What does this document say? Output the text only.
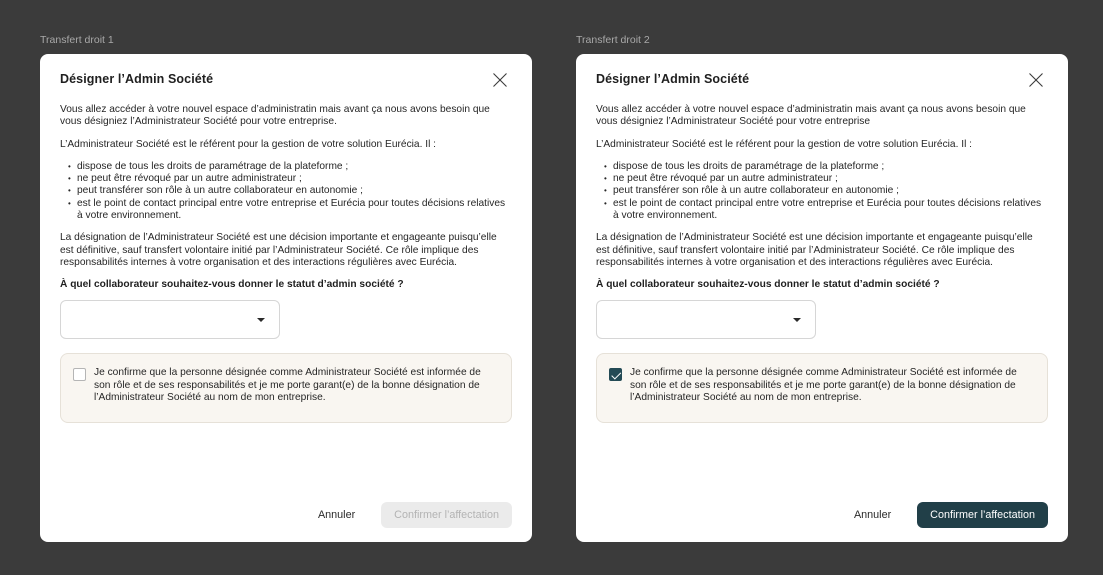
Transfert droit 1
Désigner l’Admin Société

Vous allez accéder à votre nouvel espace d’administratin mais avant ça nous avons besoin que vous désigniez l’Administrateur Société pour votre entreprise.

L’Administrateur Société est le référent pour la gestion de votre solution Eurécia. Il :

• dispose de tous les droits de paramétrage de la plateforme ;
• ne peut être révoqué par un autre administrateur ;
• peut transférer son rôle à un autre collaborateur en autonomie ;
• est le point de contact principal entre votre entreprise et Eurécia pour toutes décisions relatives à votre environnement.

La désignation de l’Administrateur Société est une décision importante et engageante puisqu’elle est définitive, sauf transfert volontaire initié par l’Administrateur Société. Ce rôle implique des responsabilités internes à votre organisation et des interactions régulières avec Eurécia.

À quel collaborateur souhaitez-vous donner le statut d’admin société ?
Je confirme que la personne désignée comme Administrateur Société est informée de son rôle et de ses responsabilités et je me porte garant(e) de la bonne désignation de l’Administrateur Société au nom de mon entreprise.
Annuler	Confirmer l’affectation
Transfert droit 2
Désigner l’Admin Société

Vous allez accéder à votre nouvel espace d’administratin mais avant ça nous avons besoin que vous désigniez l’Administrateur Société pour votre entreprise

L’Administrateur Société est le référent pour la gestion de votre solution Eurécia. Il :

• dispose de tous les droits de paramétrage de la plateforme ;
• ne peut être révoqué par un autre administrateur ;
• peut transférer son rôle à un autre collaborateur en autonomie ;
• est le point de contact principal entre votre entreprise et Eurécia pour toutes décisions relatives à votre environnement.

La désignation de l’Administrateur Société est une décision importante et engageante puisqu’elle est définitive, sauf transfert volontaire initié par l’Administrateur Société. Ce rôle implique des responsabilités internes à votre organisation et des interactions régulières avec Eurécia.

À quel collaborateur souhaitez-vous donner le statut d’admin société ?
Je confirme que la personne désignée comme Administrateur Société est informée de son rôle et de ses responsabilités et je me porte garant(e) de la bonne désignation de l’Administrateur Société au nom de mon entreprise.
Annuler	Confirmer l’affectation
